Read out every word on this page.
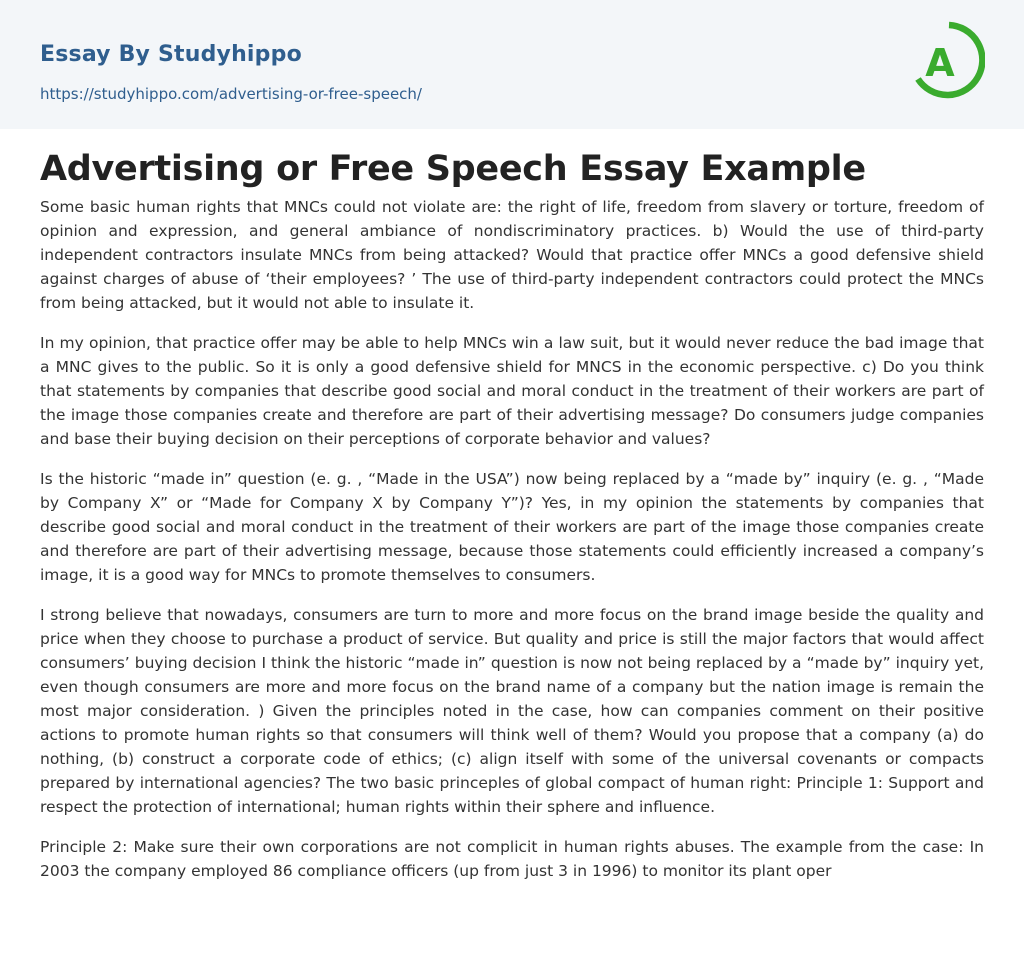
Essay By Studyhippo
https://studyhippo.com/advertising-or-free-speech/
A
Advertising or Free Speech Essay Example

Some basic human rights that MNCs could not violate are: the right of life, freedom from slavery or torture, freedom of opinion and expression, and general ambiance of nondiscriminatory practices. b) Would the use of third-party independent contractors insulate MNCs from being attacked? Would that practice offer MNCs a good defensive shield against charges of abuse of ‘their employees? ’ The use of third-party independent contractors could protect the MNCs from being attacked, but it would not able to insulate it.

In my opinion, that practice offer may be able to help MNCs win a law suit, but it would never reduce the bad image that a MNC gives to the public. So it is only a good defensive shield for MNCS in the economic perspective. c) Do you think that statements by companies that describe good social and moral conduct in the treatment of their workers are part of the image those companies create and therefore are part of their advertising message? Do consumers judge companies and base their buying decision on their perceptions of corporate behavior and values?

Is the historic “made in” question (e. g. , “Made in the USA”) now being replaced by a “made by” inquiry (e. g. , “Made by Company X” or “Made for Company X by Company Y”)? Yes, in my opinion the statements by companies that describe good social and moral conduct in the treatment of their workers are part of the image those companies create and therefore are part of their advertising message, because those statements could efficiently increased a company’s image, it is a good way for MNCs to promote themselves to consumers.

I strong believe that nowadays, consumers are turn to more and more focus on the brand image beside the quality and price when they choose to purchase a product of service. But quality and price is still the major factors that would affect consumers’ buying decision I think the historic “made in” question is now not being replaced by a “made by” inquiry yet, even though consumers are more and more focus on the brand name of a company but the nation image is remain the most major consideration. ) Given the principles noted in the case, how can companies comment on their positive actions to promote human rights so that consumers will think well of them? Would you propose that a company (a) do nothing, (b) construct a corporate code of ethics; (c) align itself with some of the universal covenants or compacts prepared by international agencies? The two basic princeples of global compact of human right: Principle 1: Support and respect the protection of international; human rights within their sphere and influence.

Principle 2: Make sure their own corporations are not complicit in human rights abuses. The example from the case: In 2003 the company employed 86 compliance officers (up from just 3 in 1996) to monitor its plant oper
